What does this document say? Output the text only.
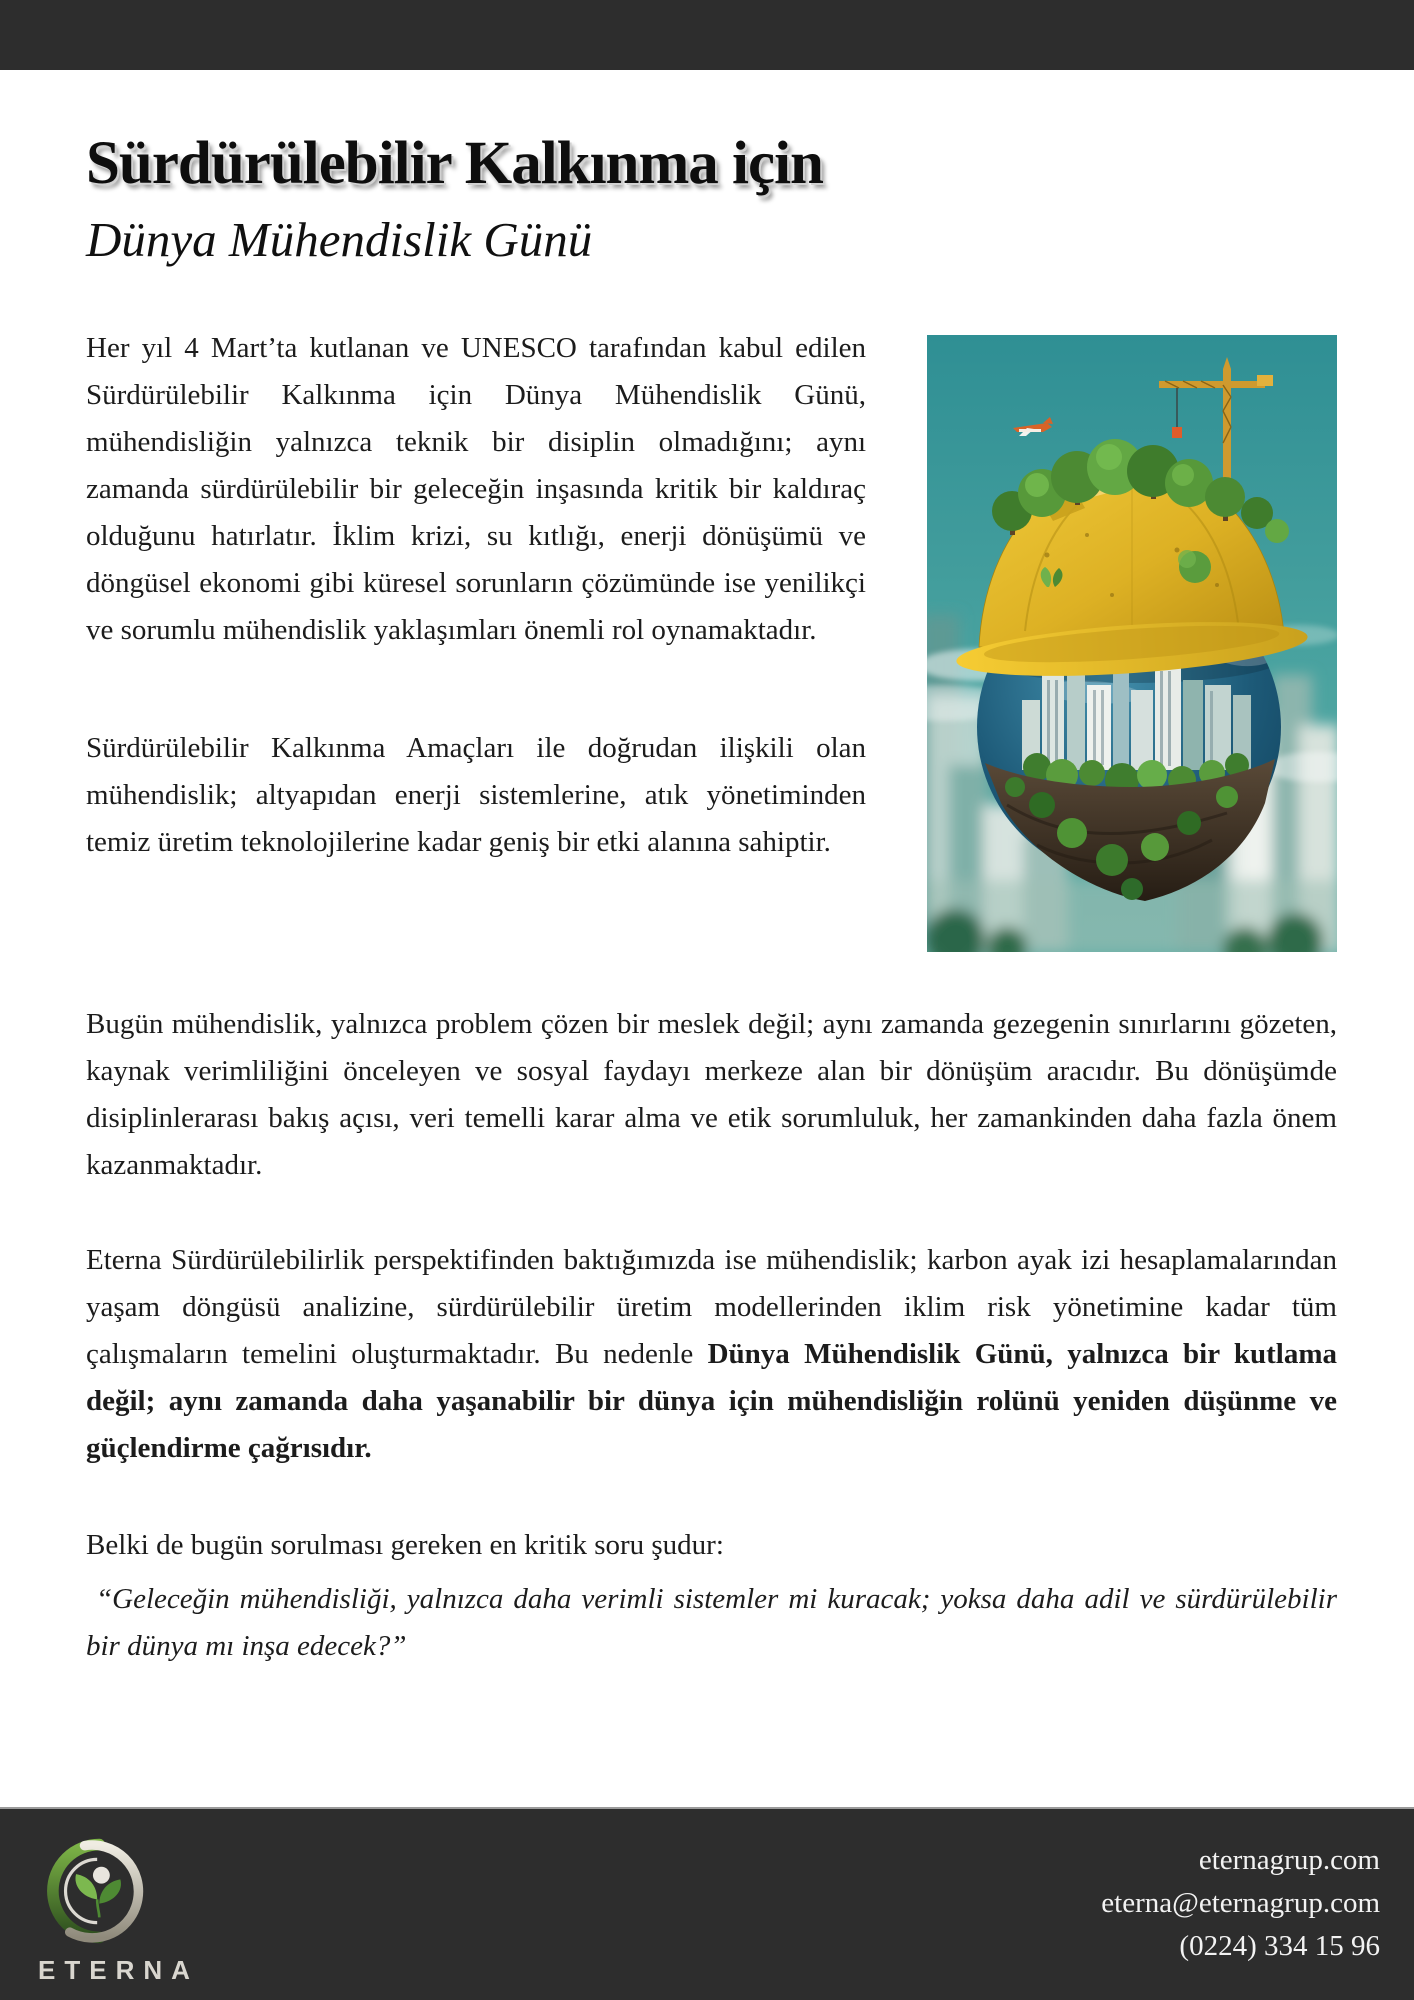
Sürdürülebilir Kalkınma için
Dünya Mühendislik Günü

Her yıl 4 Mart’ta kutlanan ve UNESCO tarafından kabul edilen Sürdürülebilir Kalkınma için Dünya Mühendislik Günü, mühendisliğin yalnızca teknik bir disiplin olmadığını; aynı zamanda sürdürülebilir bir geleceğin inşasında kritik bir kaldıraç olduğunu hatırlatır. İklim krizi, su kıtlığı, enerji dönüşümü ve döngüsel ekonomi gibi küresel sorunların çözümünde ise yenilikçi ve sorumlu mühendislik yaklaşımları önemli rol oynamaktadır.

Sürdürülebilir Kalkınma Amaçları ile doğrudan ilişkili olan mühendislik; altyapıdan enerji sistemlerine, atık yönetiminden temiz üretim teknolojilerine kadar geniş bir etki alanına sahiptir.

Bugün mühendislik, yalnızca problem çözen bir meslek değil; aynı zamanda gezegenin sınırlarını gözeten, kaynak verimliliğini önceleyen ve sosyal faydayı merkeze alan bir dönüşüm aracıdır. Bu dönüşümde disiplinlerarası bakış açısı, veri temelli karar alma ve etik sorumluluk, her zamankinden daha fazla önem kazanmaktadır.

Eterna Sürdürülebilirlik perspektifinden baktığımızda ise mühendislik; karbon ayak izi hesaplamalarından yaşam döngüsü analizine, sürdürülebilir üretim modellerinden iklim risk yönetimine kadar tüm çalışmaların temelini oluşturmaktadır. Bu nedenle Dünya Mühendislik Günü, yalnızca bir kutlama değil; aynı zamanda daha yaşanabilir bir dünya için mühendisliğin rolünü yeniden düşünme ve güçlendirme çağrısıdır.

Belki de bugün sorulması gereken en kritik soru şudur:

“Geleceğin mühendisliği, yalnızca daha verimli sistemler mi kuracak; yoksa daha adil ve sürdürülebilir bir dünya mı inşa edecek?”

ETERNA
eternagrup.com
eterna@eternagrup.com
(0224) 334 15 96
